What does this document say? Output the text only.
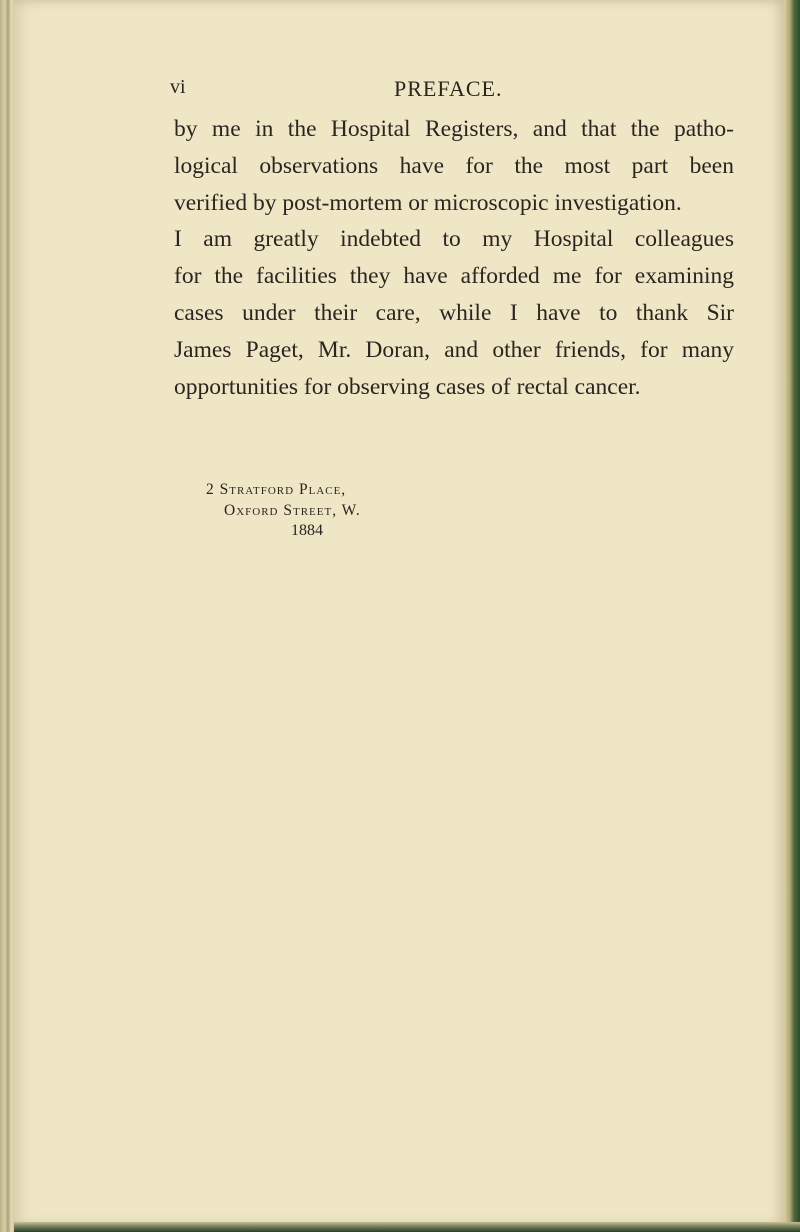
vi	PREFACE.
by me in the Hospital Registers, and that the patho-
logical observations have for the most part been
verified by post-mortem or microscopic investigation.
I am greatly indebted to my Hospital colleagues
for the facilities they have afforded me for examining
cases under their care, while I have to thank Sir
James Paget, Mr. Doran, and other friends, for many
opportunities for observing cases of rectal cancer.
2 Stratford Place,
Oxford Street, W.
1884
